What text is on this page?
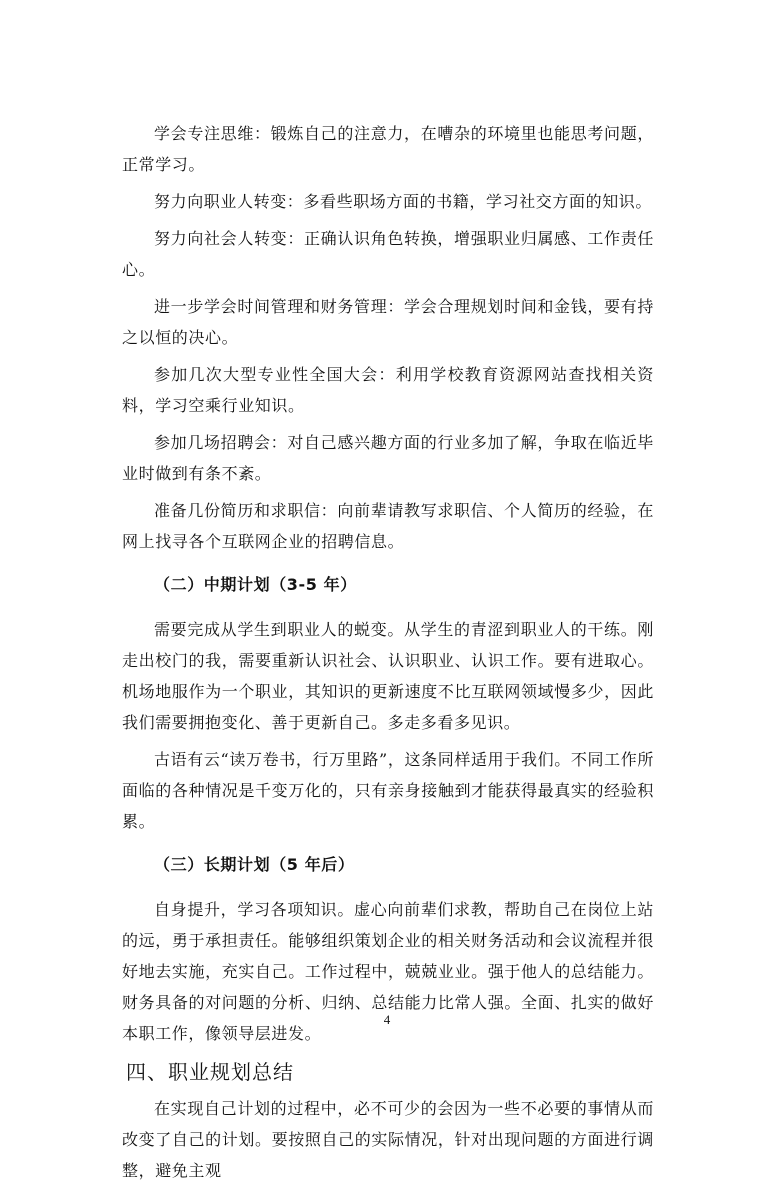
学会专注思维：锻炼自己的注意力，在嘈杂的环境里也能思考问题，正常学习。

努力向职业人转变：多看些职场方面的书籍，学习社交方面的知识。

努力向社会人转变：正确认识角色转换，增强职业归属感、工作责任心。

进一步学会时间管理和财务管理：学会合理规划时间和金钱，要有持之以恒的决心。

参加几次大型专业性全国大会：利用学校教育资源网站查找相关资料，学习空乘行业知识。

参加几场招聘会：对自己感兴趣方面的行业多加了解，争取在临近毕业时做到有条不紊。

准备几份简历和求职信：向前辈请教写求职信、个人简历的经验，在网上找寻各个互联网企业的招聘信息。

（二）中期计划（3-5 年）

需要完成从学生到职业人的蜕变。从学生的青涩到职业人的干练。刚走出校门的我，需要重新认识社会、认识职业、认识工作。要有进取心。机场地服作为一个职业，其知识的更新速度不比互联网领域慢多少，因此我们需要拥抱变化、善于更新自己。多走多看多见识。

古语有云“读万卷书，行万里路”，这条同样适用于我们。不同工作所面临的各种情况是千变万化的，只有亲身接触到才能获得最真实的经验积累。

（三）长期计划（5 年后）

自身提升，学习各项知识。虚心向前辈们求教，帮助自己在岗位上站的远，勇于承担责任。能够组织策划企业的相关财务活动和会议流程并很好地去实施，充实自己。工作过程中，兢兢业业。强于他人的总结能力。财务具备的对问题的分析、归纳、总结能力比常人强。全面、扎实的做好本职工作，像领导层进发。

四、职业规划总结

在实现自己计划的过程中，必不可少的会因为一些不必要的事情从而改变了自己的计划。要按照自己的实际情况，针对出现问题的方面进行调整，避免主观

4
